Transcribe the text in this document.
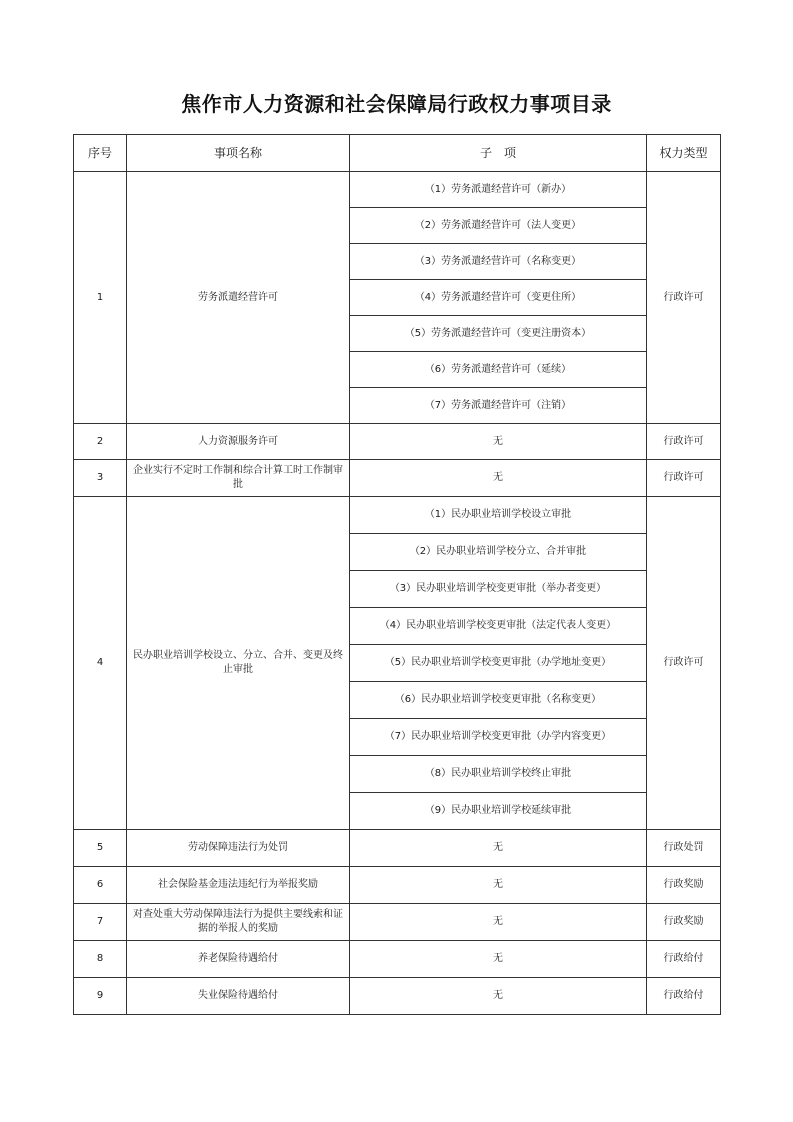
焦作市人力资源和社会保障局行政权力事项目录
序号	事项名称	子　项	权力类型
1	劳务派遣经营许可	（1）劳务派遣经营许可（新办）	行政许可
		（2）劳务派遣经营许可（法人变更）	
		（3）劳务派遣经营许可（名称变更）	
		（4）劳务派遣经营许可（变更住所）	
		（5）劳务派遣经营许可（变更注册资本）	
		（6）劳务派遣经营许可（延续）	
		（7）劳务派遣经营许可（注销）	
2	人力资源服务许可	无	行政许可
3	企业实行不定时工作制和综合计算工时工作制审批	无	行政许可
4	民办职业培训学校设立、分立、合并、变更及终止审批	（1）民办职业培训学校设立审批	行政许可
		（2）民办职业培训学校分立、合并审批	
		（3）民办职业培训学校变更审批（举办者变更）	
		（4）民办职业培训学校变更审批（法定代表人变更）	
		（5）民办职业培训学校变更审批（办学地址变更）	
		（6）民办职业培训学校变更审批（名称变更）	
		（7）民办职业培训学校变更审批（办学内容变更）	
		（8）民办职业培训学校终止审批	
		（9）民办职业培训学校延续审批	
5	劳动保障违法行为处罚	无	行政处罚
6	社会保险基金违法违纪行为举报奖励	无	行政奖励
7	对查处重大劳动保障违法行为提供主要线索和证据的举报人的奖励	无	行政奖励
8	养老保险待遇给付	无	行政给付
9	失业保险待遇给付	无	行政给付
